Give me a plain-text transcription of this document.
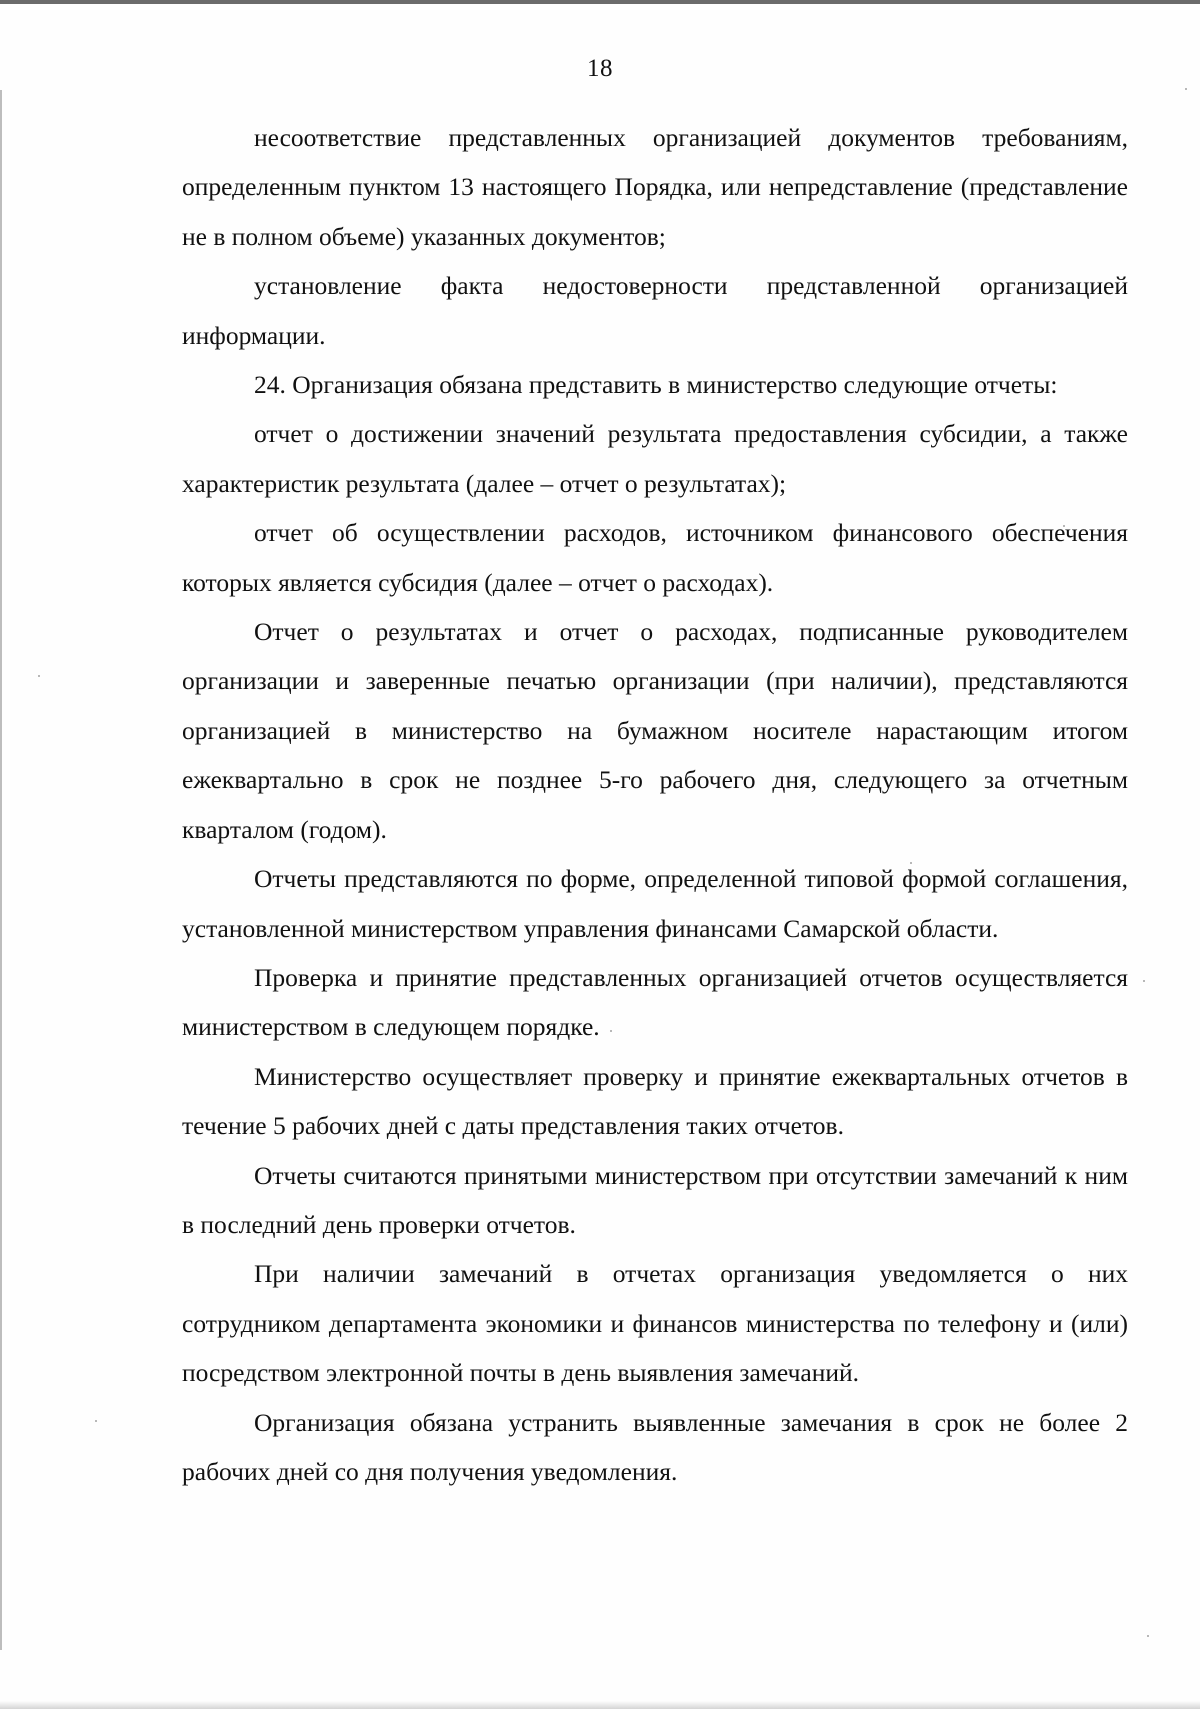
18

несоответствие представленных организацией документов требованиям, определенным пунктом 13 настоящего Порядка, или непредставление (представление не в полном объеме) указанных документов;

установление факта недостоверности представленной организацией информации.

24. Организация обязана представить в министерство следующие отчеты:

отчет о достижении значений результата предоставления субсидии, а также характеристик результата (далее – отчет о результатах);

отчет об осуществлении расходов, источником финансового обеспечения которых является субсидия (далее – отчет о расходах).

Отчет о результатах и отчет о расходах, подписанные руководителем организации и заверенные печатью организации (при наличии), представляются организацией в министерство на бумажном носителе нарастающим итогом ежеквартально в срок не позднее 5-го рабочего дня, следующего за отчетным кварталом (годом).

Отчеты представляются по форме, определенной типовой формой соглашения, установленной министерством управления финансами Самарской области.

Проверка и принятие представленных организацией отчетов осуществляется министерством в следующем порядке.

Министерство осуществляет проверку и принятие ежеквартальных отчетов в течение 5 рабочих дней с даты представления таких отчетов.

Отчеты считаются принятыми министерством при отсутствии замечаний к ним в последний день проверки отчетов.

При наличии замечаний в отчетах организация уведомляется о них сотрудником департамента экономики и финансов министерства по телефону и (или) посредством электронной почты в день выявления замечаний.

Организация обязана устранить выявленные замечания в срок не более 2 рабочих дней со дня получения уведомления.
